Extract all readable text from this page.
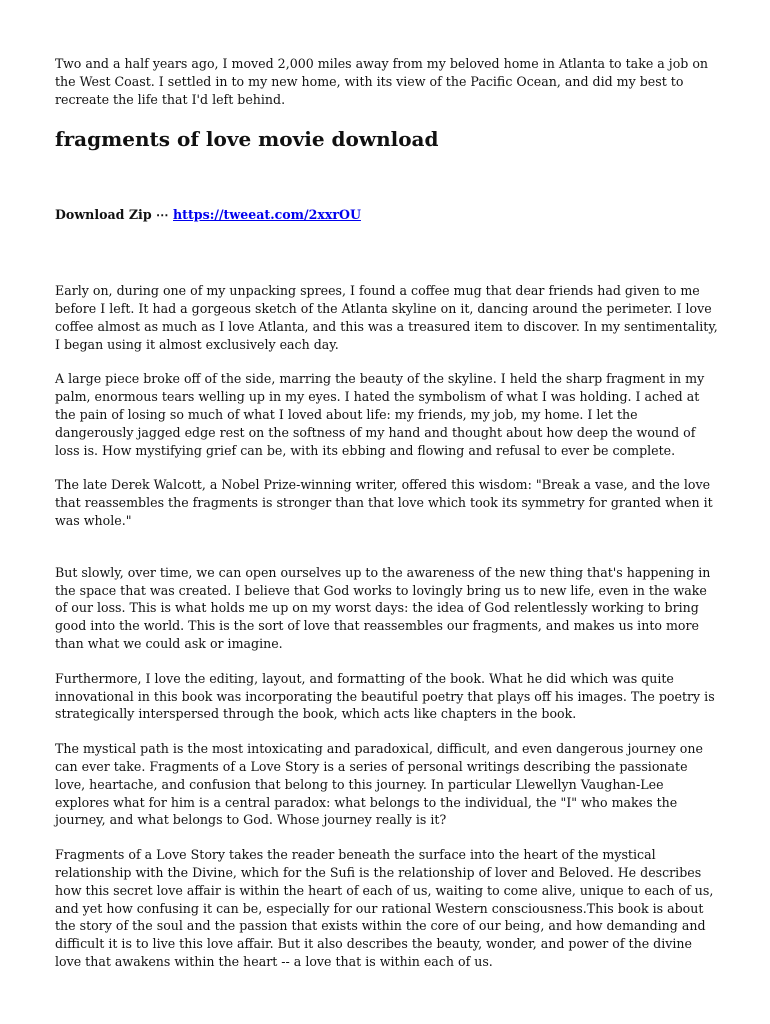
Two and a half years ago, I moved 2,000 miles away from my beloved home in Atlanta to take a job on the West Coast. I settled in to my new home, with its view of the Pacific Ocean, and did my best to recreate the life that I'd left behind.

fragments of love movie download
Download Zip ⋯ https://tweeat.com/2xxrOU

Early on, during one of my unpacking sprees, I found a coffee mug that dear friends had given to me before I left. It had a gorgeous sketch of the Atlanta skyline on it, dancing around the perimeter. I love coffee almost as much as I love Atlanta, and this was a treasured item to discover. In my sentimentality, I began using it almost exclusively each day.

A large piece broke off of the side, marring the beauty of the skyline. I held the sharp fragment in my palm, enormous tears welling up in my eyes. I hated the symbolism of what I was holding. I ached at the pain of losing so much of what I loved about life: my friends, my job, my home. I let the dangerously jagged edge rest on the softness of my hand and thought about how deep the wound of loss is. How mystifying grief can be, with its ebbing and flowing and refusal to ever be complete.

The late Derek Walcott, a Nobel Prize-winning writer, offered this wisdom: "Break a vase, and the love that reassembles the fragments is stronger than that love which took its symmetry for granted when it was whole."

But slowly, over time, we can open ourselves up to the awareness of the new thing that's happening in the space that was created. I believe that God works to lovingly bring us to new life, even in the wake of our loss. This is what holds me up on my worst days: the idea of God relentlessly working to bring good into the world. This is the sort of love that reassembles our fragments, and makes us into more than what we could ask or imagine.

Furthermore, I love the editing, layout, and formatting of the book. What he did which was quite innovational in this book was incorporating the beautiful poetry that plays off his images. The poetry is strategically interspersed through the book, which acts like chapters in the book.

The mystical path is the most intoxicating and paradoxical, difficult, and even dangerous journey one can ever take. Fragments of a Love Story is a series of personal writings describing the passionate love, heartache, and confusion that belong to this journey. In particular Llewellyn Vaughan-Lee explores what for him is a central paradox: what belongs to the individual, the "I" who makes the journey, and what belongs to God. Whose journey really is it?

Fragments of a Love Story takes the reader beneath the surface into the heart of the mystical relationship with the Divine, which for the Sufi is the relationship of lover and Beloved. He describes how this secret love affair is within the heart of each of us, waiting to come alive, unique to each of us, and yet how confusing it can be, especially for our rational Western consciousness.This book is about the story of the soul and the passion that exists within the core of our being, and how demanding and difficult it is to live this love affair. But it also describes the beauty, wonder, and power of the divine love that awakens within the heart -- a love that is within each of us.
